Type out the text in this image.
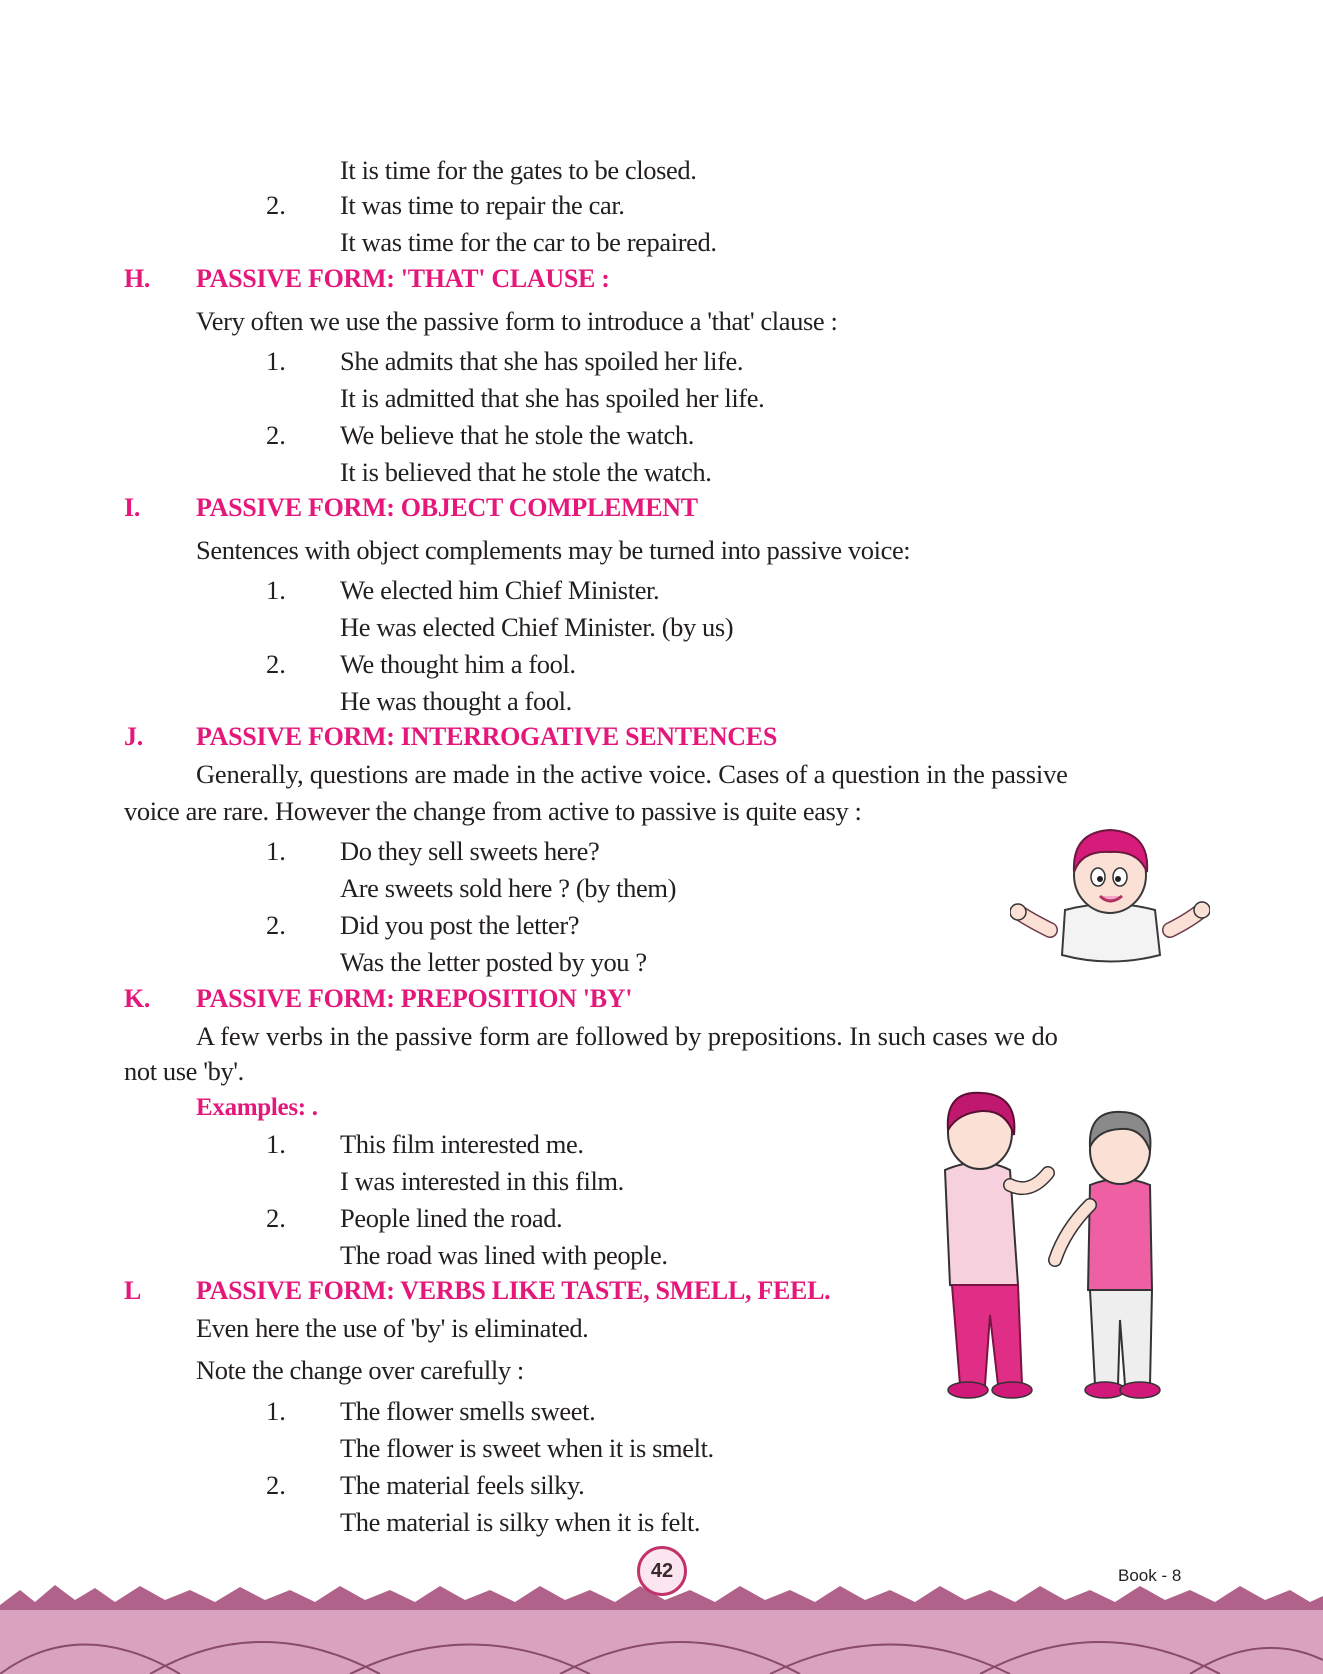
It is time for the gates to be closed.
2. It was time to repair the car.
It was time for the car to be repaired.
H. PASSIVE FORM: 'THAT' CLAUSE :
Very often we use the passive form to introduce a 'that' clause :
1. She admits that she has spoiled her life.
It is admitted that she has spoiled her life.
2. We believe that he stole the watch.
It is believed that he stole the watch.
I. PASSIVE FORM: OBJECT COMPLEMENT
Sentences with object complements may be turned into passive voice:
1. We elected him Chief Minister.
He was elected Chief Minister. (by us)
2. We thought him a fool.
He was thought a fool.
J. PASSIVE FORM: INTERROGATIVE SENTENCES
Generally, questions are made in the active voice. Cases of a question in the passive
voice are rare. However the change from active to passive is quite easy :
1. Do they sell sweets here?
Are sweets sold here ? (by them)
2. Did you post the letter?
Was the letter posted by you ?
K. PASSIVE FORM: PREPOSITION 'BY'
A few verbs in the passive form are followed by prepositions. In such cases we do
not use 'by'.
Examples: .
1. This film interested me.
I was interested in this film.
2. People lined the road.
The road was lined with people.
L PASSIVE FORM: VERBS LIKE TASTE, SMELL, FEEL.
Even here the use of 'by' is eliminated.
Note the change over carefully :
1. The flower smells sweet.
The flower is sweet when it is smelt.
2. The material feels silky.
The material is silky when it is felt.
42	Book - 8
